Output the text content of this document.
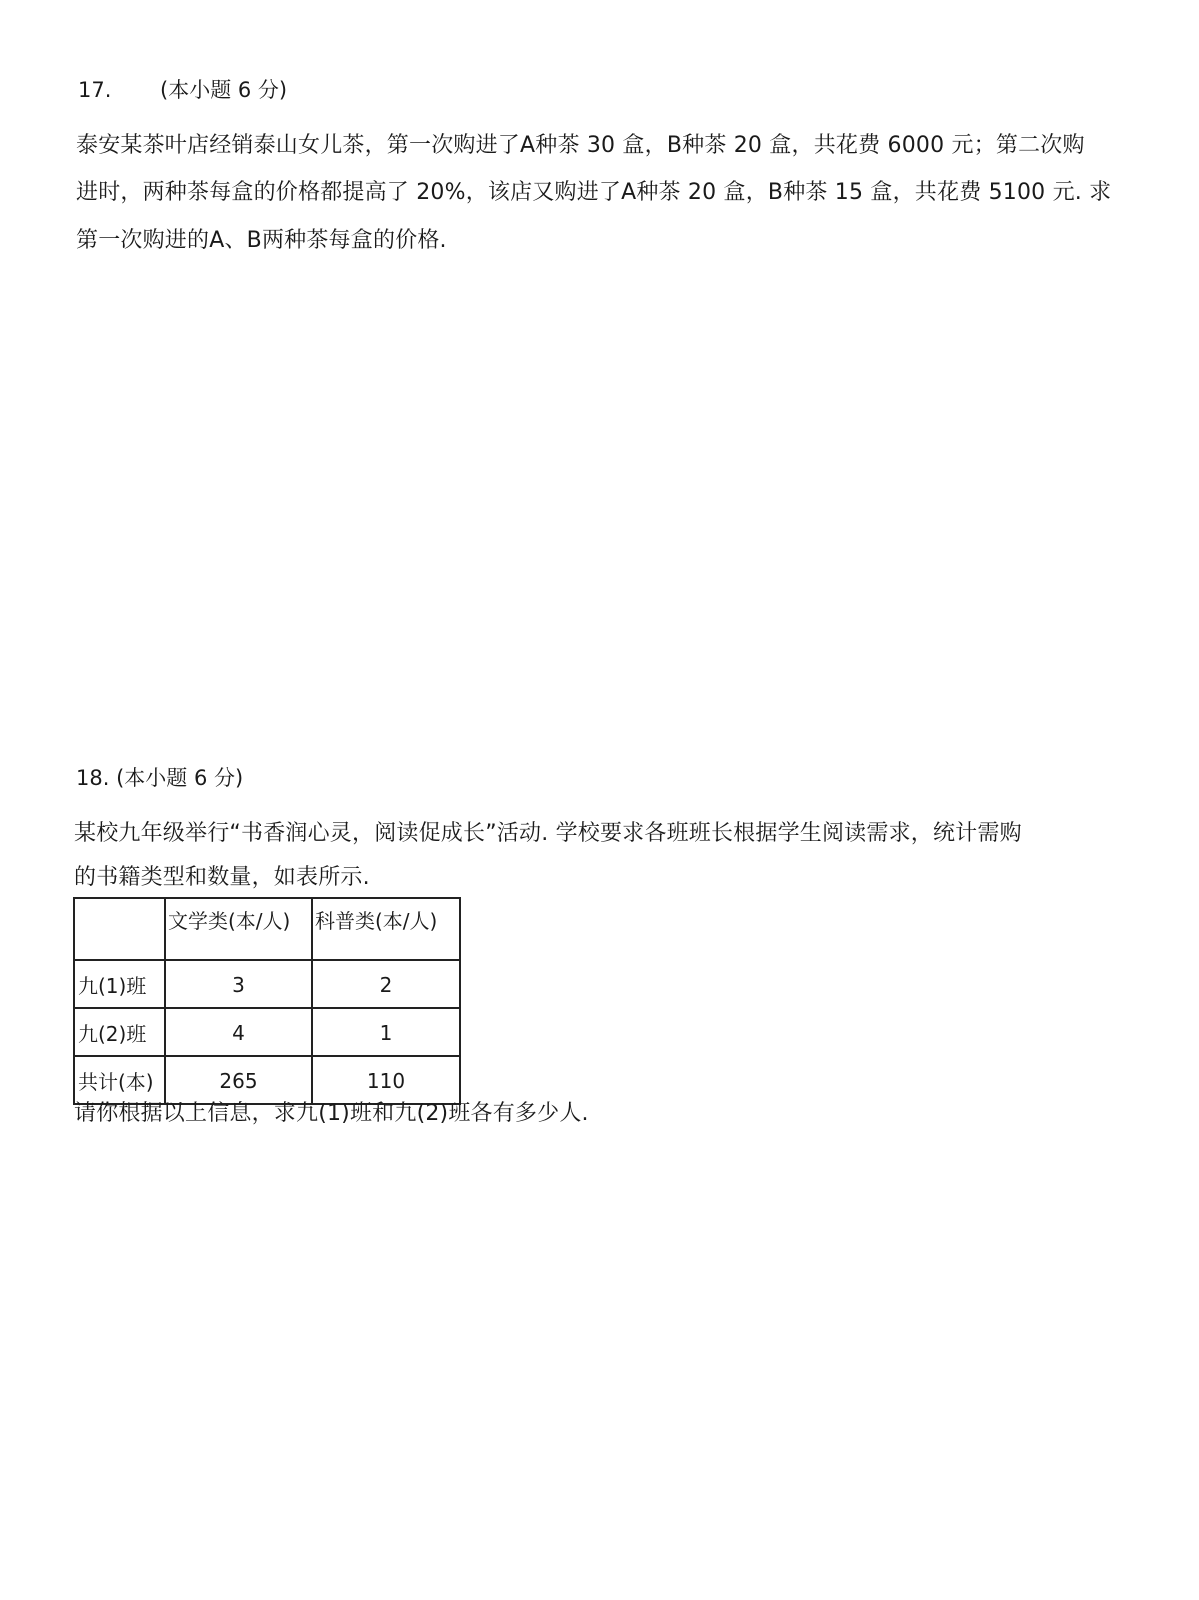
17. (本小题 6 分)
泰安某茶叶店经销泰山女儿茶，第一次购进了A种茶 30 盒，B种茶 20 盒，共花费 6000 元；第二次购
进时，两种茶每盒的价格都提高了 20%，该店又购进了A种茶 20 盒，B种茶 15 盒，共花费 5100 元. 求
第一次购进的A、B两种茶每盒的价格.
18. (本小题 6 分)
某校九年级举行“书香润心灵，阅读促成长”活动. 学校要求各班班长根据学生阅读需求，统计需购
的书籍类型和数量，如表所示.
	文学类(本/人)	科普类(本/人)
九(1)班	3	2
九(2)班	4	1
共计(本)	265	110
请你根据以上信息，求九(1)班和九(2)班各有多少人.
